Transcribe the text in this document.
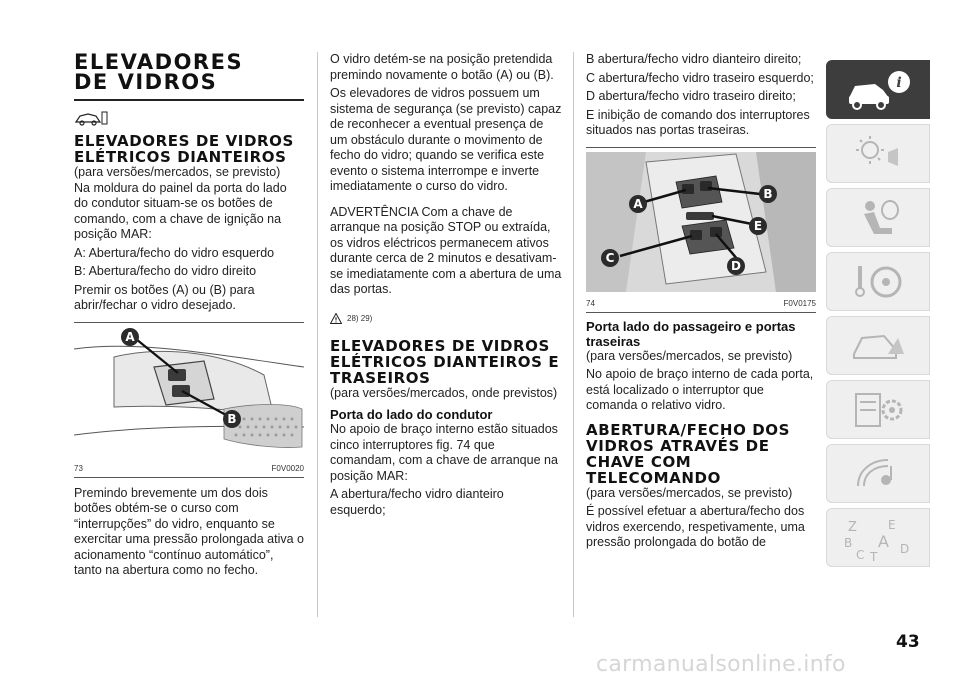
ELEVADORES DE VIDROS
ELEVADORES DE VIDROS ELÉTRICOS DIANTEIROS

(para versões/mercados, se previsto)

Na moldura do painel da porta do lado do condutor situam-se os botões de comando, com a chave de ignição na posição MAR:

A: Abertura/fecho do vidro esquerdo

B: Abertura/fecho do vidro direito

Premir os botões (A) ou (B) para abrir/fechar o vidro desejado.

A
B
73	F0V0020

Premindo brevemente um dos dois botões obtém-se o curso com “interrupções” do vidro, enquanto se exercitar uma pressão prolongada ativa o acionamento “contínuo automático”, tanto na abertura como no fecho.

O vidro detém-se na posição pretendida premindo novamente o botão (A) ou (B).

Os elevadores de vidros possuem um sistema de segurança (se previsto) capaz de reconhecer a eventual presença de um obstáculo durante o movimento de fecho do vidro; quando se verifica este evento o sistema interrompe e inverte imediatamente o curso do vidro.

ADVERTÊNCIA Com a chave de arranque na posição STOP ou extraída, os vidros eléctricos permanecem ativos durante cerca de 2 minutos e desativam-se imediatamente com a abertura de uma das portas.

28) 29)
ELEVADORES DE VIDROS ELÉTRICOS DIANTEIROS E TRASEIROS

(para versões/mercados, onde previstos)

Porta do lado do condutor

No apoio de braço interno estão situados cinco interruptores fig. 74 que comandam, com a chave de arranque na posição MAR:

A abertura/fecho vidro dianteiro esquerdo;

B abertura/fecho vidro dianteiro direito;

C abertura/fecho vidro traseiro esquerdo;

D abertura/fecho vidro traseiro direito;

E inibição de comando dos interruptores situados nas portas traseiras.

A
B
E
C
D
74	F0V0175
Porta lado do passageiro e portas traseiras

(para versões/mercados, se previsto)

No apoio de braço interno de cada porta, está localizado o interruptor que comanda o relativo vidro.

ABERTURA/FECHO DOS VIDROS ATRAVÉS DE CHAVE COM TELECOMANDO

(para versões/mercados, se previsto)

É possível efetuar a abertura/fecho dos vidros exercendo, respetivamente, uma pressão prolongada do botão de

i
Z	E
B A
C T
D
43
carmanualsonline.info
